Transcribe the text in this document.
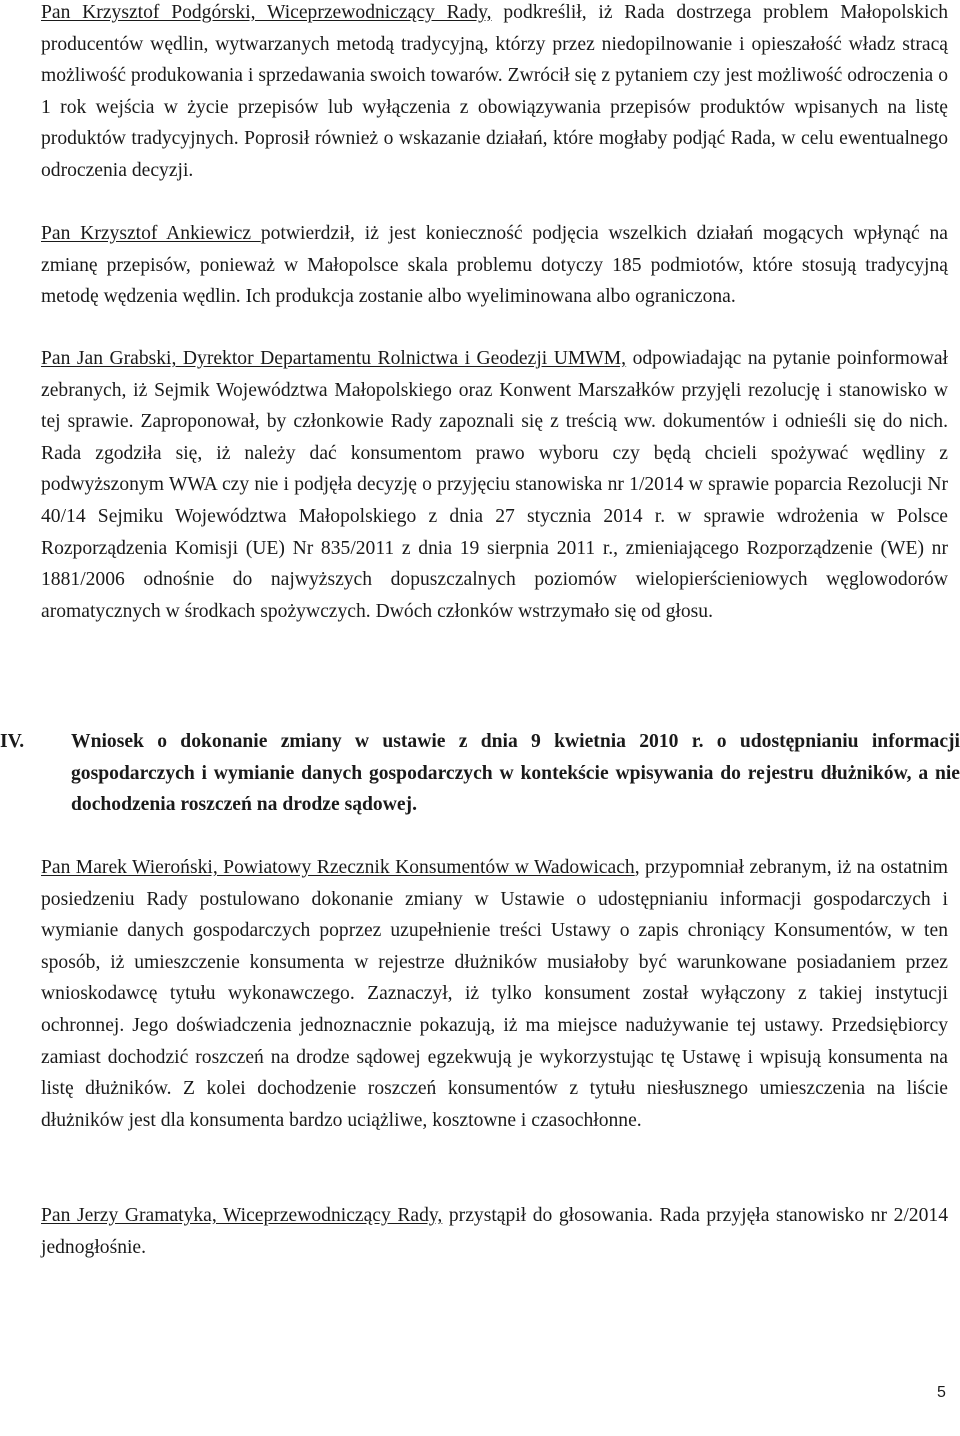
Pan Krzysztof Podgórski, Wiceprzewodniczący Rady, podkreślił, iż Rada dostrzega problem Małopolskich producentów wędlin, wytwarzanych metodą tradycyjną, którzy przez niedopilnowanie i opieszałość władz stracą możliwość produkowania i sprzedawania swoich towarów. Zwrócił się z pytaniem czy jest możliwość odroczenia o 1 rok wejścia w życie przepisów lub wyłączenia z obowiązywania przepisów produktów wpisanych na listę produktów tradycyjnych. Poprosił również o wskazanie działań, które mogłaby podjąć Rada, w celu ewentualnego odroczenia decyzji.

Pan Krzysztof Ankiewicz potwierdził, iż jest konieczność podjęcia wszelkich działań mogących wpłynąć na zmianę przepisów, ponieważ w Małopolsce skala problemu dotyczy 185 podmiotów, które stosują tradycyjną metodę wędzenia wędlin. Ich produkcja zostanie albo wyeliminowana albo ograniczona.

Pan Jan Grabski, Dyrektor Departamentu Rolnictwa i Geodezji UMWM, odpowiadając na pytanie poinformował zebranych, iż Sejmik Województwa Małopolskiego oraz Konwent Marszałków przyjęli rezolucję i stanowisko w tej sprawie. Zaproponował, by członkowie Rady zapoznali się z treścią ww. dokumentów i odnieśli się do nich. Rada zgodziła się, iż należy dać konsumentom prawo wyboru czy będą chcieli spożywać wędliny z podwyższonym WWA czy nie i podjęła decyzję o przyjęciu stanowiska nr 1/2014 w sprawie poparcia Rezolucji Nr 40/14 Sejmiku Województwa Małopolskiego z dnia 27 stycznia 2014 r. w sprawie wdrożenia w Polsce Rozporządzenia Komisji (UE) Nr 835/2011 z dnia 19 sierpnia 2011 r., zmieniającego Rozporządzenie (WE) nr 1881/2006 odnośnie do najwyższych dopuszczalnych poziomów wielopierścieniowych węglowodorów aromatycznych w środkach spożywczych. Dwóch członków wstrzymało się od głosu.

IV. Wniosek o dokonanie zmiany w ustawie z dnia 9 kwietnia 2010 r. o udostępnianiu informacji gospodarczych i wymianie danych gospodarczych w kontekście wpisywania do rejestru dłużników, a nie dochodzenia roszczeń na drodze sądowej.

Pan Marek Wieroński, Powiatowy Rzecznik Konsumentów w Wadowicach, przypomniał zebranym, iż na ostatnim posiedzeniu Rady postulowano dokonanie zmiany w Ustawie o udostępnianiu informacji gospodarczych i wymianie danych gospodarczych poprzez uzupełnienie treści Ustawy o zapis chroniący Konsumentów, w ten sposób, iż umieszczenie konsumenta w rejestrze dłużników musiałoby być warunkowane posiadaniem przez wnioskodawcę tytułu wykonawczego. Zaznaczył, iż tylko konsument został wyłączony z takiej instytucji ochronnej. Jego doświadczenia jednoznacznie pokazują, iż ma miejsce nadużywanie tej ustawy. Przedsiębiorcy zamiast dochodzić roszczeń na drodze sądowej egzekwują je wykorzystując tę Ustawę i wpisują konsumenta na listę dłużników. Z kolei dochodzenie roszczeń konsumentów z tytułu niesłusznego umieszczenia na liście dłużników jest dla konsumenta bardzo uciążliwe, kosztowne i czasochłonne.

Pan Jerzy Gramatyka, Wiceprzewodniczący Rady, przystąpił do głosowania. Rada przyjęła stanowisko nr 2/2014 jednogłośnie.

5
